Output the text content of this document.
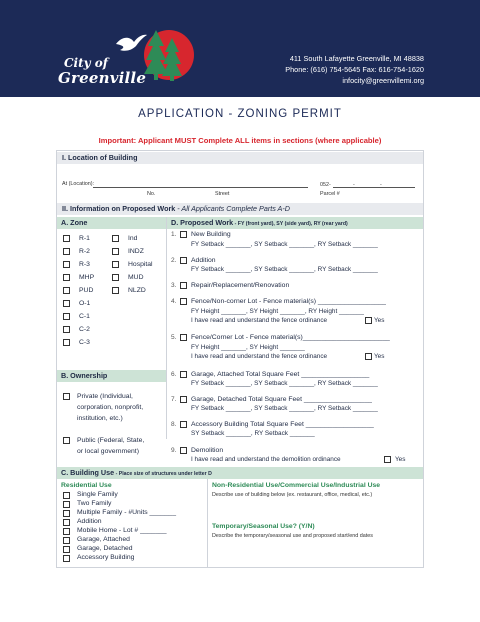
City of
Greenville
411 South Lafayette Greenville, MI 48838
Phone: (616) 754-5645 Fax: 616-754-1620
infocity@greenvillemi.org
APPLICATION - ZONING PERMIT
Important: Applicant MUST Complete ALL items in sections (where applicable)
I. Location of Building
At (Location):
No.	Street
052-	-	-
Parcel #
II. Information on Proposed Work - All Applicants Complete Parts A-D
A. Zone	D. Proposed Work - FY (front yard), SY (side yard), RY (rear yard)
R-1
R-2
R-3
MHP
PUD
O-1
C-1
C-2
C-3
Ind
INDZ
Hospital
MUD
NLZD
B. Ownership
Private (Individual,
corporation, nonprofit,
institution, etc.)
Public (Federal, State,
or local government)
1. New Building
FY Setback _______, SY Setback _______, RY Setback _______
2. Addition
FY Setback _______, SY Setback _______, RY Setback _______
3. Repair/Replacement/Renovation
4. Fence/Non-corner Lot - Fence material(s) __________________
FY Height _______, SY Height _______, RY Height _______
I have read and understand the fence ordinance	Yes
5. Fence/Corner Lot - Fence material(s)_______________________
FY Height _______, SY Height _______
I have read and understand the fence ordinance	Yes
6. Garage, Attached Total Square Feet __________________
FY Setback _______, SY Setback _______, RY Setback _______
7. Garage, Detached Total Square Feet __________________
FY Setback _______, SY Setback _______, RY Setback _______
8. Accessory Building Total Square Feet __________________
SY Setback _______, RY Setback _______
9. Demolition
I have read and understand the demolition ordinance	Yes
C. Building Use - Place size of structures under letter D
Residential Use
Single Family
Two Family
Multiple Family - #Units _______
Addition
Mobile Home - Lot # _______
Garage, Attached
Garage, Detached
Accessory Building
Non-Residential Use/Commercial Use/Industrial Use
Describe use of building below (ex. restaurant, office, medical, etc.)
Temporary/Seasonal Use? (Y/N)
Describe the temporary/seasonal use and proposed start/end dates
